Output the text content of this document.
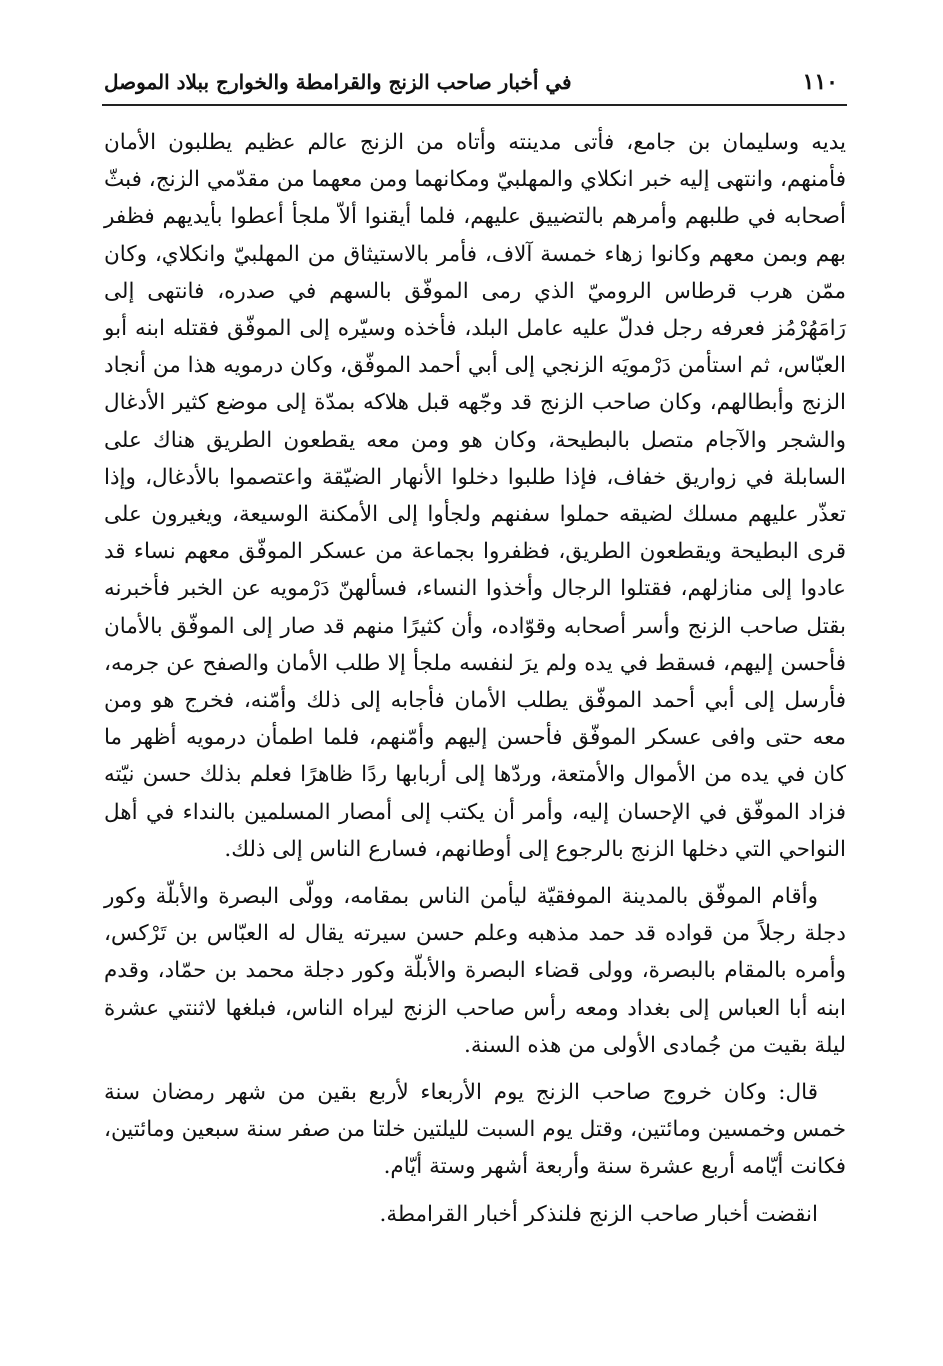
١١٠
في أخبار صاحب الزنج والقرامطة والخوارج ببلاد الموصل

يديه وسليمان بن جامع، فأتى مدينته وأتاه من الزنج عالم عظيم يطلبون الأمان فأمنهم، وانتهى إليه خبر انكلاي والمهلبيّ ومكانهما ومن معهما من مقدّمي الزنج، فبثّ أصحابه في طلبهم وأمرهم بالتضييق عليهم، فلما أيقنوا ألاّ ملجأ أعطوا بأيديهم فظفر بهم وبمن معهم وكانوا زهاء خمسة آلاف، فأمر بالاستيثاق من المهلبيّ وانكلاي، وكان ممّن هرب قرطاس الروميّ الذي رمى الموفّق بالسهم في صدره، فانتهى إلى رَامَهُرْمُز فعرفه رجل فدلّ عليه عامل البلد، فأخذه وسيّره إلى الموفّق فقتله ابنه أبو العبّاس، ثم استأمن دَرْمويَه الزنجي إلى أبي أحمد الموفّق، وكان درمويه هذا من أنجاد الزنج وأبطالهم، وكان صاحب الزنج قد وجّهه قبل هلاكه بمدّة إلى موضع كثير الأدغال والشجر والآجام متصل بالبطيحة، وكان هو ومن معه يقطعون الطريق هناك على السابلة في زواريق خفاف، فإذا طلبوا دخلوا الأنهار الضيّقة واعتصموا بالأدغال، وإذا تعذّر عليهم مسلك لضيقه حملوا سفنهم ولجأوا إلى الأمكنة الوسيعة، ويغيرون على قرى البطيحة ويقطعون الطريق، فظفروا بجماعة من عسكر الموفّق معهم نساء قد عادوا إلى منازلهم، فقتلوا الرجال وأخذوا النساء، فسألهنّ دَرْمويه عن الخبر فأخبرنه بقتل صاحب الزنج وأسر أصحابه وقوّاده، وأن كثيرًا منهم قد صار إلى الموفّق بالأمان فأحسن إليهم، فسقط في يده ولم يرَ لنفسه ملجأ إلا طلب الأمان والصفح عن جرمه، فأرسل إلى أبي أحمد الموفّق يطلب الأمان فأجابه إلى ذلك وأمّنه، فخرج هو ومن معه حتى وافى عسكر الموفّق فأحسن إليهم وأمّنهم، فلما اطمأن درمويه أظهر ما كان في يده من الأموال والأمتعة، وردّها إلى أربابها ردًا ظاهرًا فعلم بذلك حسن نيّته فزاد الموفّق في الإحسان إليه، وأمر أن يكتب إلى أمصار المسلمين بالنداء في أهل النواحي التي دخلها الزنج بالرجوع إلى أوطانهم، فسارع الناس إلى ذلك.

وأقام الموفّق بالمدينة الموفقيّة ليأمن الناس بمقامه، وولّى البصرة والأبلّة وكور دجلة رجلاً من قواده قد حمد مذهبه وعلم حسن سيرته يقال له العبّاس بن تَرْكس، وأمره بالمقام بالبصرة، وولى قضاء البصرة والأبلّة وكور دجلة محمد بن حمّاد، وقدم ابنه أبا العباس إلى بغداد ومعه رأس صاحب الزنج ليراه الناس، فبلغها لاثنتي عشرة ليلة بقيت من جُمادى الأولى من هذه السنة.

قال: وكان خروج صاحب الزنج يوم الأربعاء لأربع بقين من شهر رمضان سنة خمس وخمسين ومائتين، وقتل يوم السبت لليلتين خلتا من صفر سنة سبعين ومائتين، فكانت أيّامه أربع عشرة سنة وأربعة أشهر وستة أيّام.

انقضت أخبار صاحب الزنج فلنذكر أخبار القرامطة.
